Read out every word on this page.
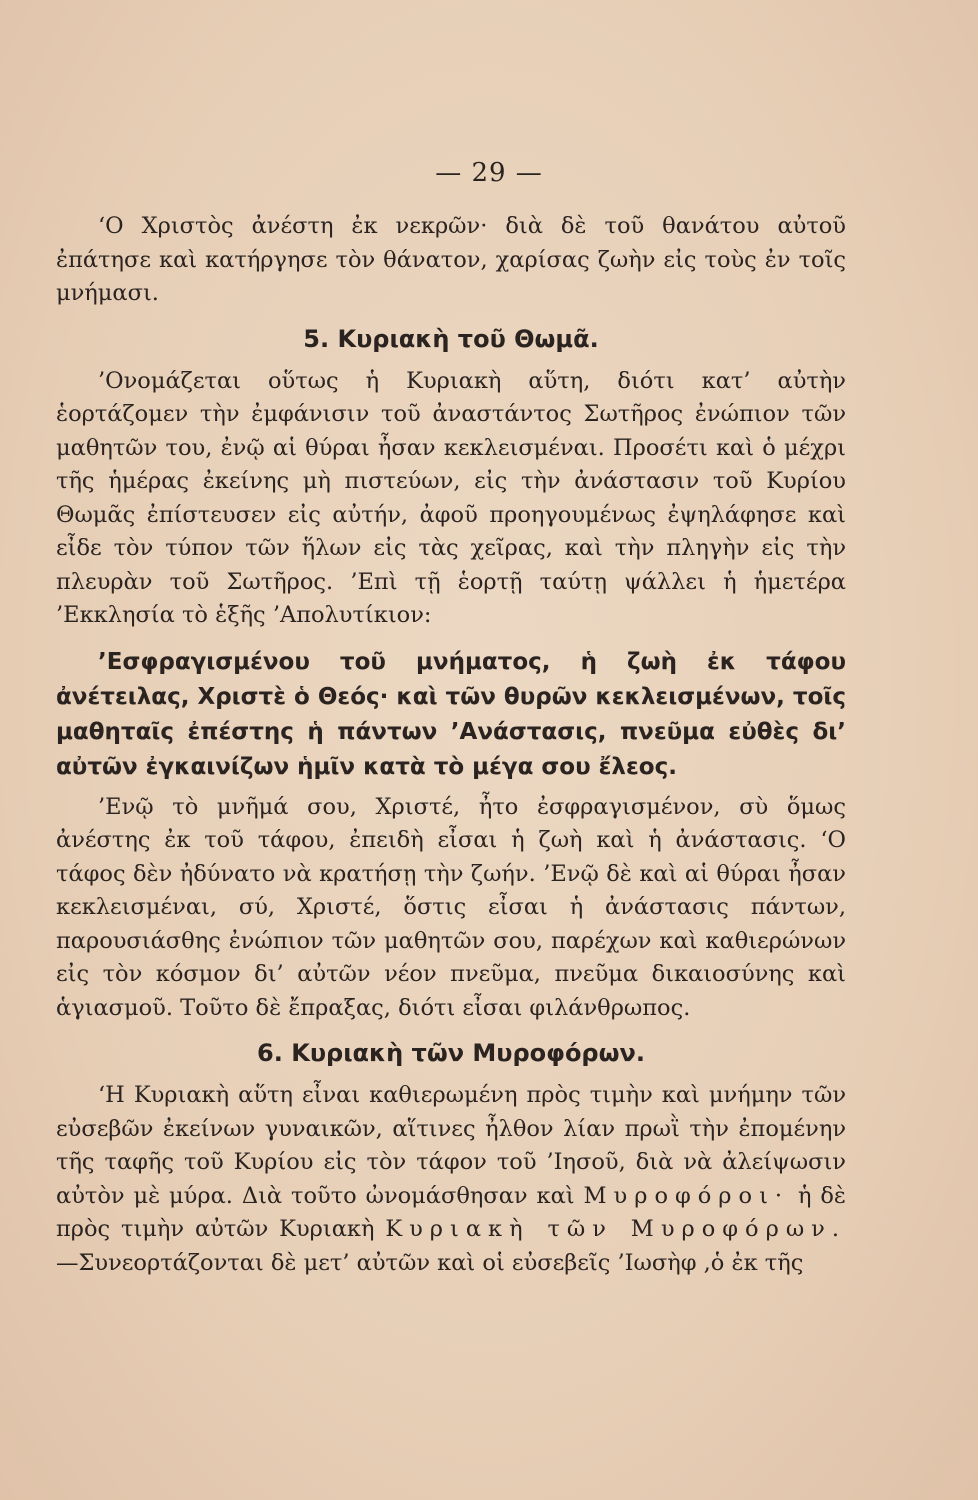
— 29 —

‘Ο Χριστὸς ἀνέστη ἐκ νεκρῶν· διὰ δὲ τοῦ θανάτου αὐτοῦ ἐπάτησε καὶ κατήργησε τὸν θάνατον, χαρίσας ζωὴν εἰς τοὺς ἐν τοῖς μνήμασι.

5. Κυριακὴ τοῦ Θωμᾶ.

’Ονομάζεται οὕτως ἡ Κυριακὴ αὕτη, διότι κατ’ αὐτὴν ἑορτάζομεν τὴν ἐμφάνισιν τοῦ ἀναστάντος Σωτῆρος ἐνώπιον τῶν μαθητῶν του, ἐνῷ αἱ θύραι ἦσαν κεκλεισμέναι. Προσέτι καὶ ὁ μέχρι τῆς ἡμέρας ἐκείνης μὴ πιστεύων, εἰς τὴν ἀνάστασιν τοῦ Κυρίου Θωμᾶς ἐπίστευσεν εἰς αὐτήν, ἀφοῦ προηγουμένως ἐψηλάφησε καὶ εἶδε τὸν τύπον τῶν ἥλων εἰς τὰς χεῖρας, καὶ τὴν πληγὴν εἰς τὴν πλευρὰν τοῦ Σωτῆρος. ’Επὶ τῇ ἑορτῇ ταύτῃ ψάλλει ἡ ἡμετέρα ’Εκκλησία τὸ ἑξῆς ’Απολυτίκιον:

’Εσφραγισμένου τοῦ μνήματος, ἡ ζωὴ ἐκ τάφου ἀνέτειλας, Χριστὲ ὁ Θεός· καὶ τῶν θυρῶν κεκλεισμένων, τοῖς μαθηταῖς ἐπέστης ἡ πάντων ’Ανάστασις, πνεῦμα εὐθὲς δι’ αὐτῶν ἐγκαινίζων ἡμῖν κατὰ τὸ μέγα σου ἔλεος.

’Ενῷ τὸ μνῆμά σου, Χριστέ, ἦτο ἐσφραγισμένον, σὺ ὅμως ἀνέστης ἐκ τοῦ τάφου, ἐπειδὴ εἶσαι ἡ ζωὴ καὶ ἡ ἀνάστασις. ‘Ο τάφος δὲν ἠδύνατο νὰ κρατήσῃ τὴν ζωήν. ’Ενῷ δὲ καὶ αἱ θύραι ἦσαν κεκλεισμέναι, σύ, Χριστέ, ὅστις εἶσαι ἡ ἀνάστασις πάντων, παρουσιάσθης ἐνώπιον τῶν μαθητῶν σου, παρέχων καὶ καθιερώνων εἰς τὸν κόσμον δι’ αὐτῶν νέον πνεῦμα, πνεῦμα δικαιοσύνης καὶ ἁγιασμοῦ. Τοῦτο δὲ ἔπραξας, διότι εἶσαι φιλάνθρωπος.

6. Κυριακὴ τῶν Μυροφόρων.

‘Η Κυριακὴ αὕτη εἶναι καθιερωμένη πρὸς τιμὴν καὶ μνήμην τῶν εὐσεβῶν ἐκείνων γυναικῶν, αἵτινες ἦλθον λίαν πρωῒ τὴν ἐπομένην τῆς ταφῆς τοῦ Κυρίου εἰς τὸν τάφον τοῦ ’Ιησοῦ, διὰ νὰ ἀλείψωσιν αὐτὸν μὲ μύρα. Διὰ τοῦτο ὠνομάσθησαν καὶ Μυροφόροι· ἡ δὲ πρὸς τιμὴν αὐτῶν Κυριακὴ Κυριακὴ τῶν Μυροφόρων. —Συνεορτάζονται δὲ μετ’ αὐτῶν καὶ οἱ εὐσεβεῖς ’Ιωσὴφ ,ὁ ἐκ τῆς
